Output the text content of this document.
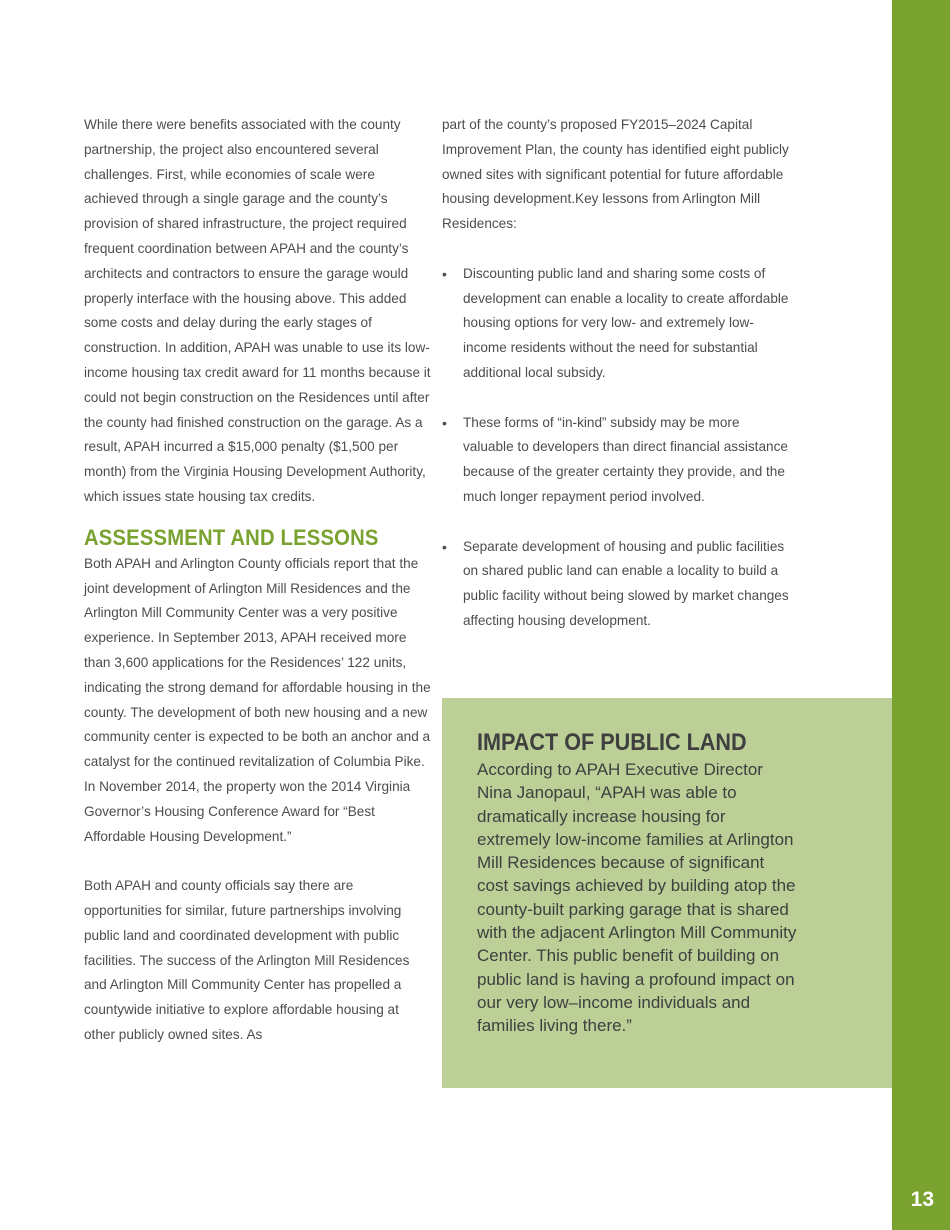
13

While there were benefits associated with the county partnership, the project also encountered several challenges. First, while economies of scale were achieved through a single garage and the county’s provision of shared infrastructure, the project required frequent coordination between APAH and the county’s architects and contractors to ensure the garage would properly interface with the housing above. This added some costs and delay during the early stages of construction. In addition, APAH was unable to use its low-income housing tax credit award for 11 months because it could not begin construction on the Residences until after the county had finished construction on the garage. As a result, APAH incurred a $15,000 penalty ($1,500 per month) from the Virginia Housing Development Authority, which issues state housing tax credits.

ASSESSMENT AND LESSONS

Both APAH and Arlington County officials report that the joint development of Arlington Mill Residences and the Arlington Mill Community Center was a very positive experience. In September 2013, APAH received more than 3,600 applications for the Residences’ 122 units, indicating the strong demand for affordable housing in the county. The development of both new housing and a new community center is expected to be both an anchor and a catalyst for the continued revitalization of Columbia Pike. In November 2014, the property won the 2014 Virginia Governor’s Housing Conference Award for “Best Affordable Housing Development.”

Both APAH and county officials say there are opportunities for similar, future partnerships involving public land and coordinated development with public facilities. The success of the Arlington Mill Residences and Arlington Mill Community Center has propelled a countywide initiative to explore affordable housing at other publicly owned sites. As

part of the county’s proposed FY2015–2024 Capital Improvement Plan, the county has identified eight publicly owned sites with significant potential for future affordable housing development.Key lessons from Arlington Mill Residences:

• Discounting public land and sharing some costs of development can enable a locality to create affordable housing options for very low- and extremely low-income residents without the need for substantial additional local subsidy.
• These forms of “in-kind” subsidy may be more valuable to developers than direct financial assistance because of the greater certainty they provide, and the much longer repayment period involved.
• Separate development of housing and public facilities on shared public land can enable a locality to build a public facility without being slowed by market changes affecting housing development.
IMPACT OF PUBLIC LAND

According to APAH Executive Director Nina Janopaul, “APAH was able to dramatically increase housing for extremely low-income families at Arlington Mill Residences because of significant cost savings achieved by building atop the county-built parking garage that is shared with the adjacent Arlington Mill Community Center. This public benefit of building on public land is having a profound impact on our very low–income individuals and families living there.”
